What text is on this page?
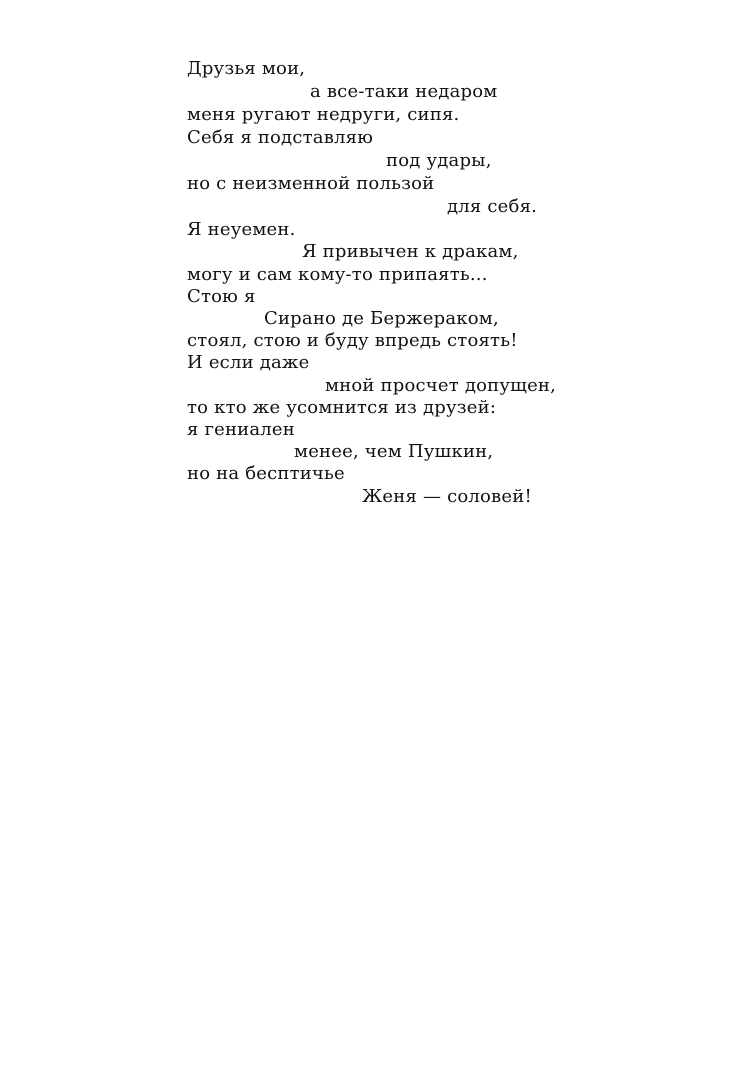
Друзья мои,
а все-таки недаром
меня ругают недруги, сипя.
Себя я подставляю
под удары,
но с неизменной пользой
для себя.
Я неуемен.
Я привычен к дракам,
могу и сам кому-то припаять...
Стою я
Сирано де Бержераком,
стоял, стою и буду впредь стоять!
И если даже
мной просчет допущен,
то кто же усомнится из друзей:
я гениален
менее, чем Пушкин,
но на бесптичье
Женя — соловей!
